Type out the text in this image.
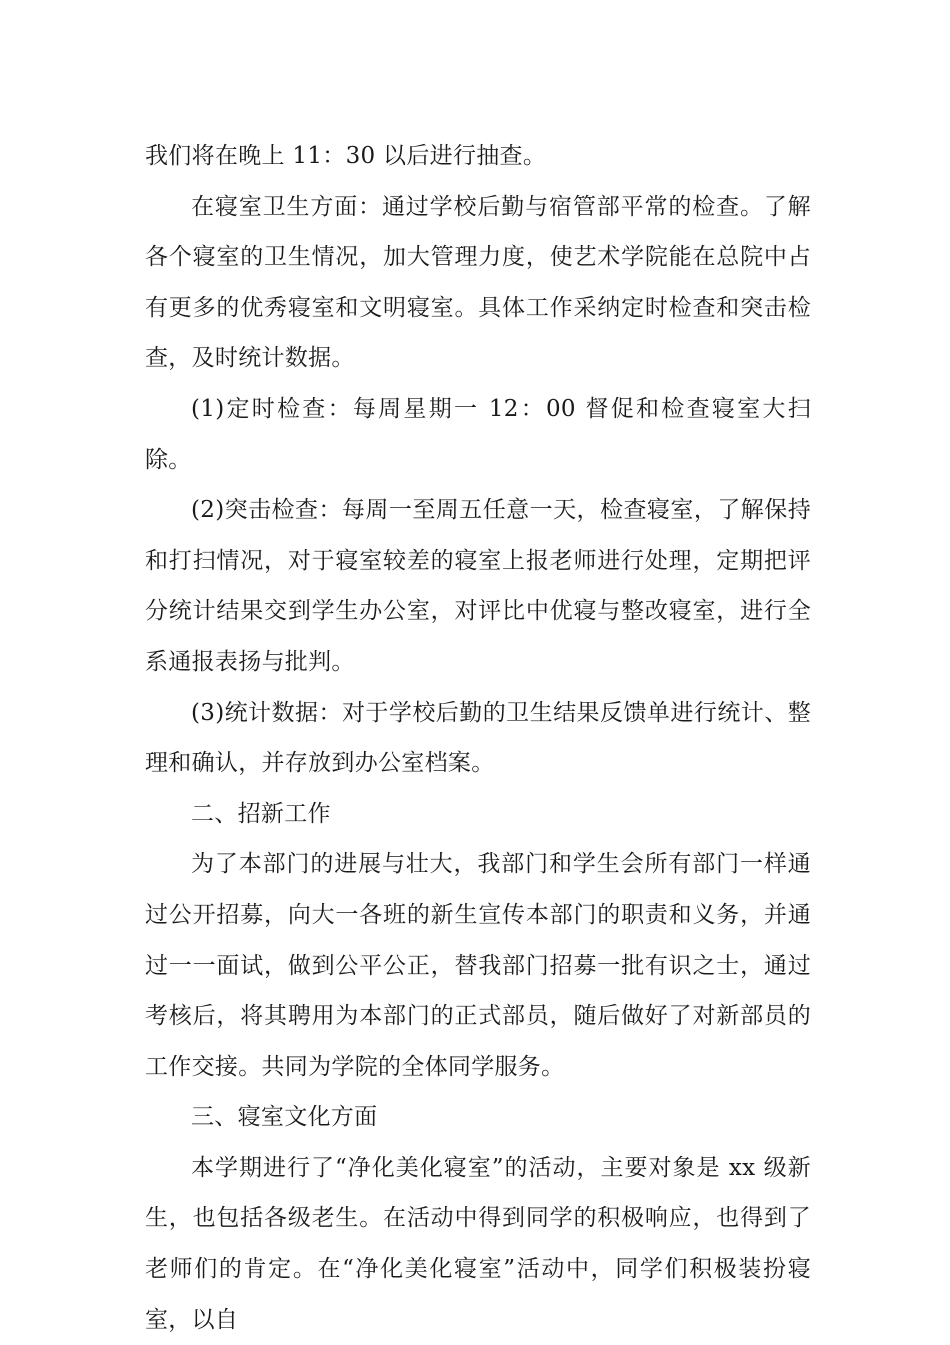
我们将在晚上 11：30 以后进行抽查。

在寝室卫生方面：通过学校后勤与宿管部平常的检查。了解各个寝室的卫生情况，加大管理力度，使艺术学院能在总院中占有更多的优秀寝室和文明寝室。具体工作采纳定时检查和突击检查，及时统计数据。

(1)定时检查：每周星期一 12：00 督促和检查寝室大扫除。

(2)突击检查：每周一至周五任意一天，检查寝室，了解保持和打扫情况，对于寝室较差的寝室上报老师进行处理，定期把评分统计结果交到学生办公室，对评比中优寝与整改寝室，进行全系通报表扬与批判。

(3)统计数据：对于学校后勤的卫生结果反馈单进行统计、整理和确认，并存放到办公室档案。

二、招新工作

为了本部门的进展与壮大，我部门和学生会所有部门一样通过公开招募，向大一各班的新生宣传本部门的职责和义务，并通过一一面试，做到公平公正，替我部门招募一批有识之士，通过考核后，将其聘用为本部门的正式部员，随后做好了对新部员的工作交接。共同为学院的全体同学服务。

三、寝室文化方面

本学期进行了“净化美化寝室”的活动，主要对象是 xx 级新生，也包括各级老生。在活动中得到同学的积极响应，也得到了老师们的肯定。在“净化美化寝室”活动中，同学们积极装扮寝室，以自
